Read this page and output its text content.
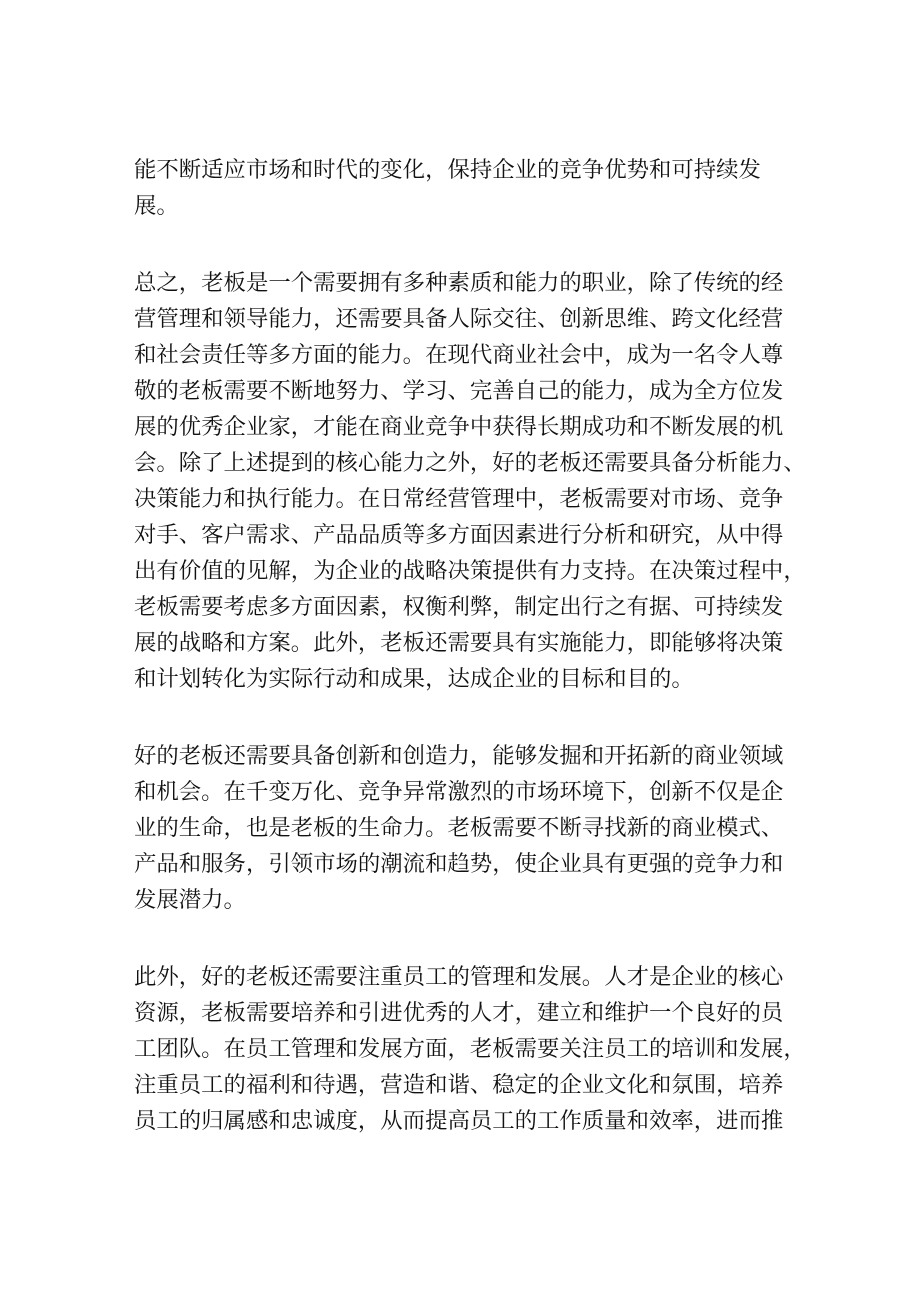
能不断适应市场和时代的变化，保持企业的竞争优势和可持续发
展。

总之，老板是一个需要拥有多种素质和能力的职业，除了传统的经
营管理和领导能力，还需要具备人际交往、创新思维、跨文化经营
和社会责任等多方面的能力。在现代商业社会中，成为一名令人尊
敬的老板需要不断地努力、学习、完善自己的能力，成为全方位发
展的优秀企业家，才能在商业竞争中获得长期成功和不断发展的机
会。除了上述提到的核心能力之外，好的老板还需要具备分析能力、
决策能力和执行能力。在日常经营管理中，老板需要对市场、竞争
对手、客户需求、产品品质等多方面因素进行分析和研究，从中得
出有价值的见解，为企业的战略决策提供有力支持。在决策过程中，
老板需要考虑多方面因素，权衡利弊，制定出行之有据、可持续发
展的战略和方案。此外，老板还需要具有实施能力，即能够将决策
和计划转化为实际行动和成果，达成企业的目标和目的。

好的老板还需要具备创新和创造力，能够发掘和开拓新的商业领域
和机会。在千变万化、竞争异常激烈的市场环境下，创新不仅是企
业的生命，也是老板的生命力。老板需要不断寻找新的商业模式、
产品和服务，引领市场的潮流和趋势，使企业具有更强的竞争力和
发展潜力。

此外，好的老板还需要注重员工的管理和发展。人才是企业的核心
资源，老板需要培养和引进优秀的人才，建立和维护一个良好的员
工团队。在员工管理和发展方面，老板需要关注员工的培训和发展，
注重员工的福利和待遇，营造和谐、稳定的企业文化和氛围，培养
员工的归属感和忠诚度，从而提高员工的工作质量和效率，进而推
